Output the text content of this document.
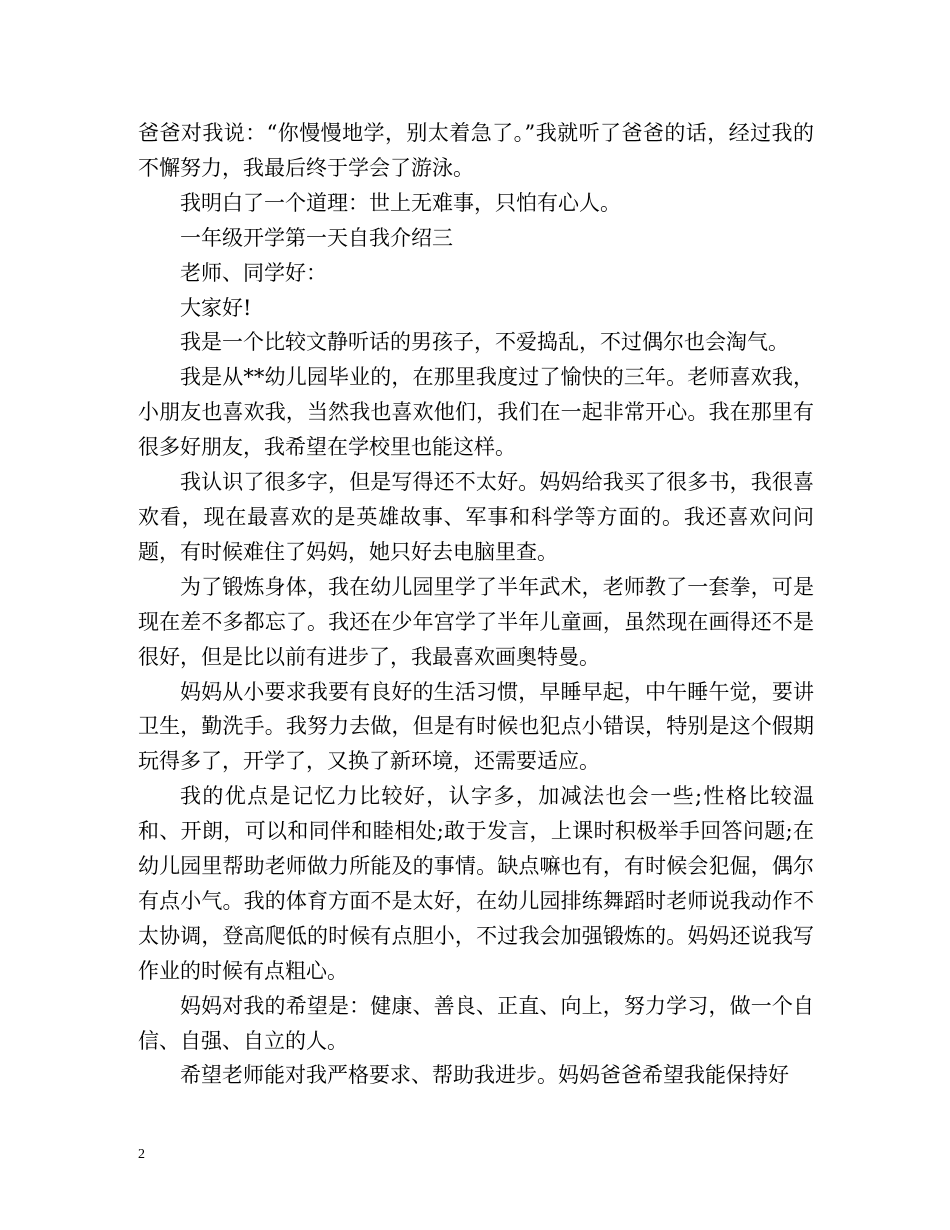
爸爸对我说：“你慢慢地学，别太着急了。”我就听了爸爸的话，经过我的不懈努力，我最后终于学会了游泳。

我明白了一个道理：世上无难事，只怕有心人。

一年级开学第一天自我介绍三

老师、同学好：

大家好!

我是一个比较文静听话的男孩子，不爱捣乱，不过偶尔也会淘气。

我是从**幼儿园毕业的，在那里我度过了愉快的三年。老师喜欢我，小朋友也喜欢我，当然我也喜欢他们，我们在一起非常开心。我在那里有很多好朋友，我希望在学校里也能这样。

我认识了很多字，但是写得还不太好。妈妈给我买了很多书，我很喜欢看，现在最喜欢的是英雄故事、军事和科学等方面的。我还喜欢问问题，有时候难住了妈妈，她只好去电脑里查。

为了锻炼身体，我在幼儿园里学了半年武术，老师教了一套拳，可是现在差不多都忘了。我还在少年宫学了半年儿童画，虽然现在画得还不是很好，但是比以前有进步了，我最喜欢画奥特曼。

妈妈从小要求我要有良好的生活习惯，早睡早起，中午睡午觉，要讲卫生，勤洗手。我努力去做，但是有时候也犯点小错误，特别是这个假期玩得多了，开学了，又换了新环境，还需要适应。

我的优点是记忆力比较好，认字多，加减法也会一些;性格比较温和、开朗，可以和同伴和睦相处;敢于发言，上课时积极举手回答问题;在幼儿园里帮助老师做力所能及的事情。缺点嘛也有，有时候会犯倔，偶尔有点小气。我的体育方面不是太好，在幼儿园排练舞蹈时老师说我动作不太协调，登高爬低的时候有点胆小，不过我会加强锻炼的。妈妈还说我写作业的时候有点粗心。

妈妈对我的希望是：健康、善良、正直、向上，努力学习，做一个自信、自强、自立的人。

希望老师能对我严格要求、帮助我进步。妈妈爸爸希望我能保持好

2
